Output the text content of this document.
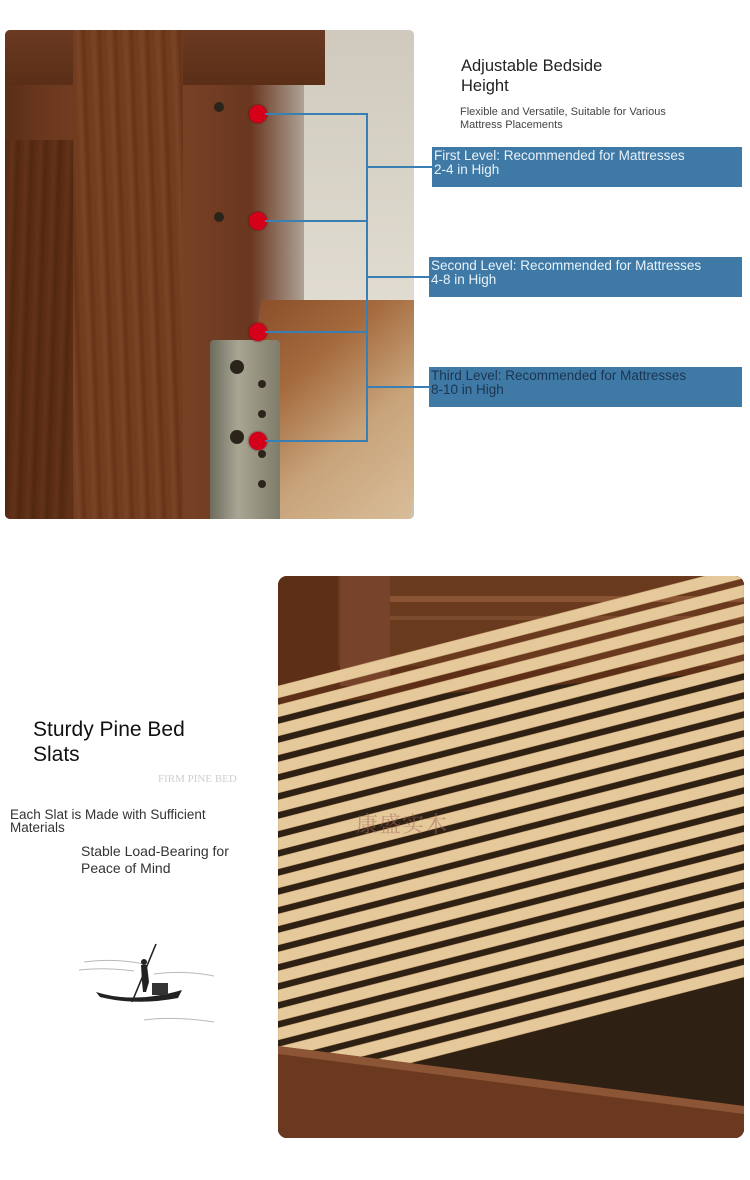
Adjustable Bedside
Height
Flexible and Versatile, Suitable for Various
Mattress Placements
First Level: Recommended for Mattresses
2-4 in High
Second Level: Recommended for Mattresses
4-8 in High
Third Level: Recommended for Mattresses
8-10 in High
Sturdy Pine Bed
Slats
FIRM PINE BED
Each Slat is Made with Sufficient
Materials
Stable Load-Bearing for
Peace of Mind
康盛实木
